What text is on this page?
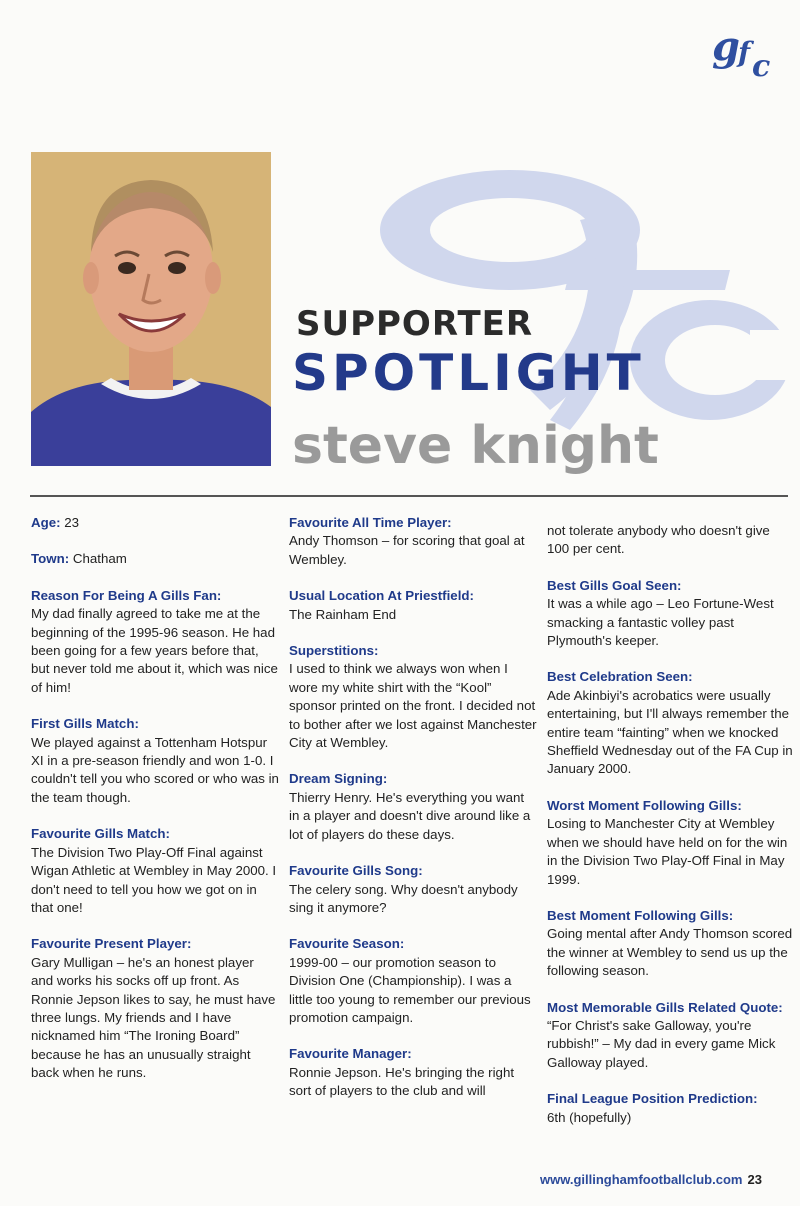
g
f c
SUPPORTER
SPOTLIGHT
steve knight

Age: 23

Town: Chatham

Reason For Being A Gills Fan:
My dad finally agreed to take me at the beginning of the 1995-96 season. He had been going for a few years before that, but never told me about it, which was nice of him!

First Gills Match:
We played against a Tottenham Hotspur XI in a pre-season friendly and won 1-0. I couldn't tell you who scored or who was in the team though.

Favourite Gills Match:
The Division Two Play-Off Final against Wigan Athletic at Wembley in May 2000. I don't need to tell you how we got on in that one!

Favourite Present Player:
Gary Mulligan – he's an honest player and works his socks off up front. As Ronnie Jepson likes to say, he must have three lungs. My friends and I have nicknamed him “The Ironing Board” because he has an unusually straight back when he runs.

Favourite All Time Player:
Andy Thomson – for scoring that goal at Wembley.

Usual Location At Priestfield:
The Rainham End

Superstitions:
I used to think we always won when I wore my white shirt with the “Kool” sponsor printed on the front. I decided not to bother after we lost against Manchester City at Wembley.

Dream Signing:
Thierry Henry. He's everything you want in a player and doesn't dive around like a lot of players do these days.

Favourite Gills Song:
The celery song. Why doesn't anybody sing it anymore?

Favourite Season:
1999-00 – our promotion season to Division One (Championship). I was a little too young to remember our previous promotion campaign.

Favourite Manager:
Ronnie Jepson. He's bringing the right sort of players to the club and will

not tolerate anybody who doesn't give 100 per cent.

Best Gills Goal Seen:
It was a while ago – Leo Fortune-West smacking a fantastic volley past Plymouth's keeper.

Best Celebration Seen:
Ade Akinbiyi's acrobatics were usually entertaining, but I'll always remember the entire team “fainting” when we knocked Sheffield Wednesday out of the FA Cup in January 2000.

Worst Moment Following Gills:
Losing to Manchester City at Wembley when we should have held on for the win in the Division Two Play-Off Final in May 1999.

Best Moment Following Gills:
Going mental after Andy Thomson scored the winner at Wembley to send us up the following season.

Most Memorable Gills Related Quote:
“For Christ's sake Galloway, you're rubbish!” – My dad in every game Mick Galloway played.

Final League Position Prediction:
6th (hopefully)

www.gillinghamfootballclub.com 23
